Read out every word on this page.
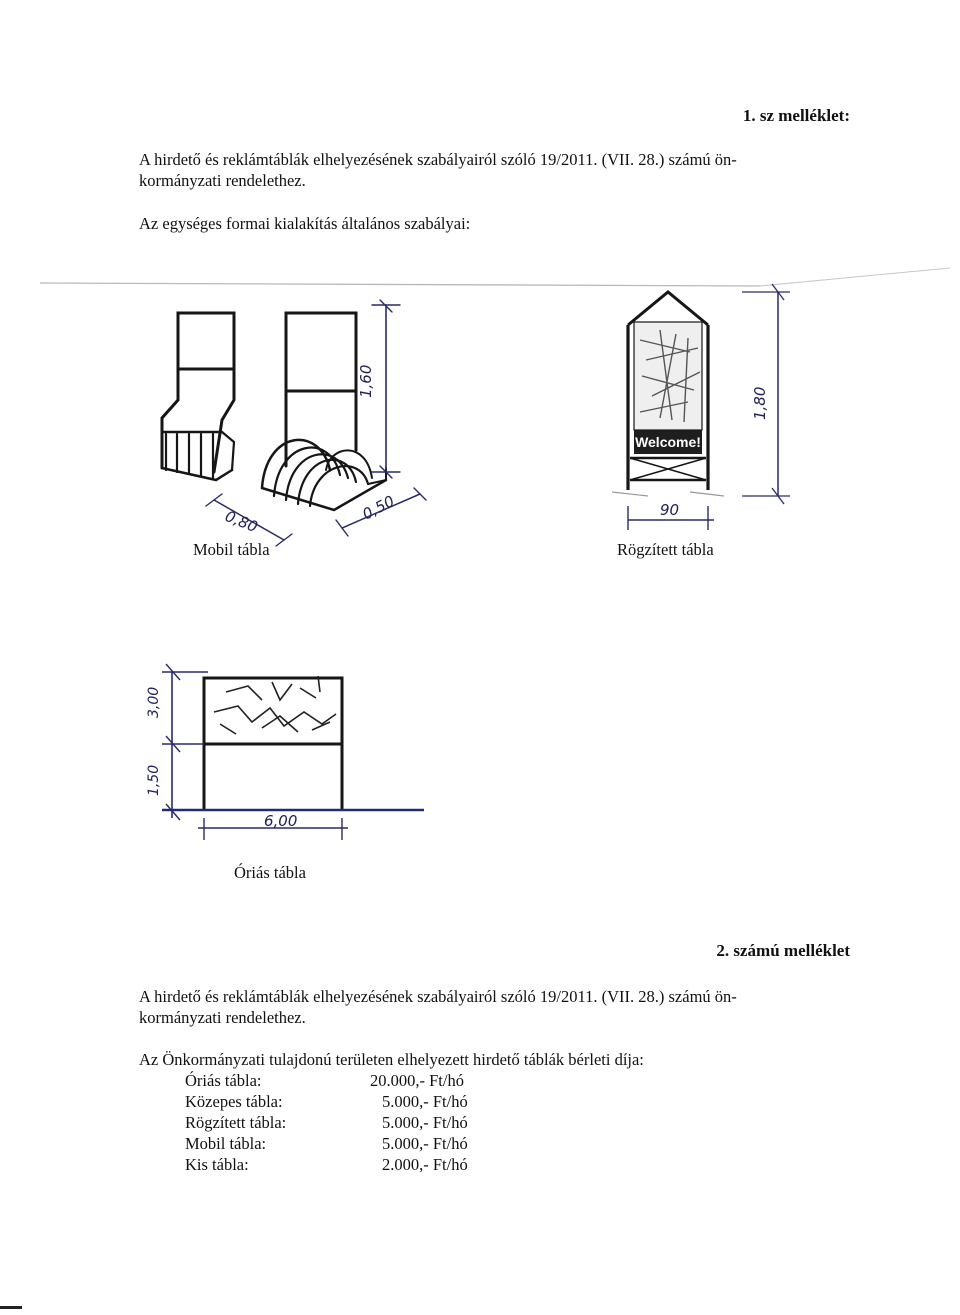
1. sz melléklet:
A hirdető és reklámtáblák elhelyezésének szabályairól szóló 19/2011. (VII. 28.) számú ön-
kormányzati rendelethez.
Az egységes formai kialakítás általános szabályai:
1,60
0,80	0,50
Welcome!
1,80
90
3,00
1,50
6,00
Mobil tábla	Rögzített tábla
Óriás tábla
2. számú melléklet
A hirdető és reklámtáblák elhelyezésének szabályairól szóló 19/2011. (VII. 28.) számú ön-
kormányzati rendelethez.
Az Önkormányzati tulajdonú területen elhelyezett hirdető táblák bérleti díja:
Óriás tábla:	20.000,- Ft/hó
Közepes tábla:	5.000,- Ft/hó
Rögzített tábla:	5.000,- Ft/hó
Mobil tábla:	5.000,- Ft/hó
Kis tábla:	2.000,- Ft/hó
